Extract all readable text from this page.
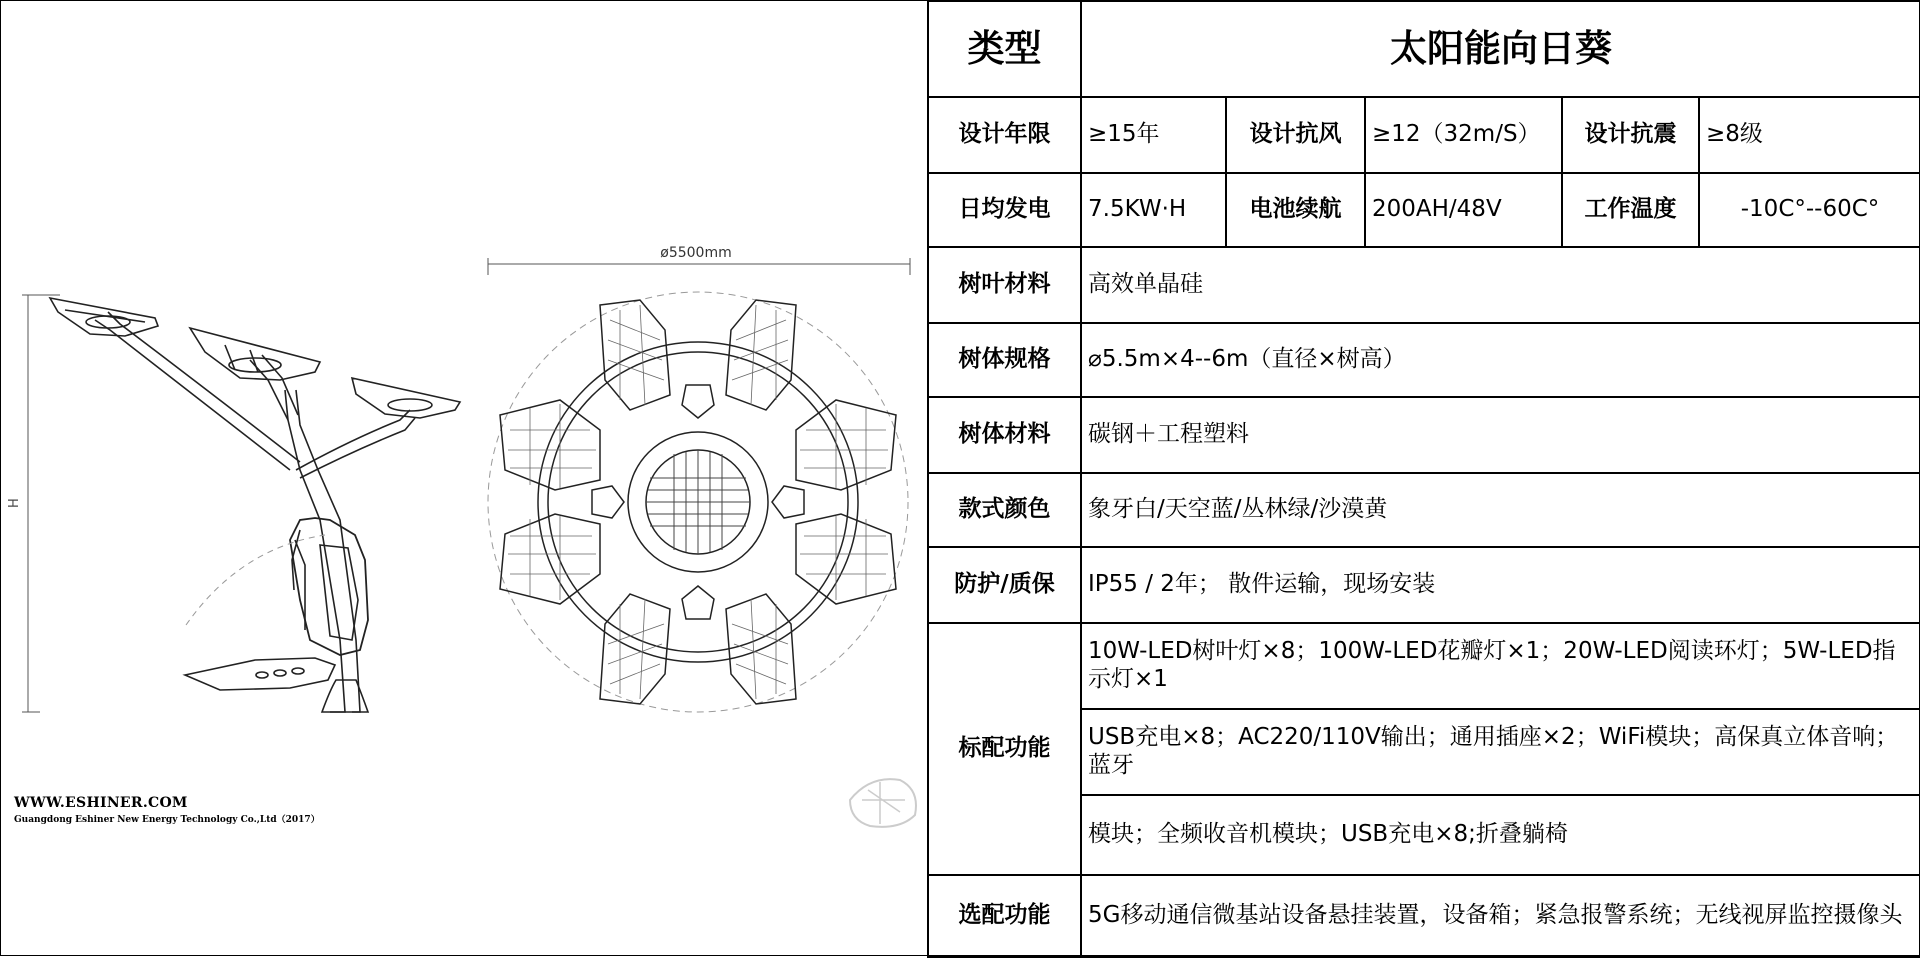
H
ø5500mm
WWW.ESHINER.COM
Guangdong Eshiner New Energy Technology Co.,Ltd（2017）
类型	太阳能向日葵				
设计年限	≥15年	设计抗风	≥12（32m/S）	设计抗震	≥8级
日均发电	7.5KW·H	电池续航	200AH/48V	工作温度	-10C°--60C°
树叶材料	高效单晶硅				
树体规格	⌀5.5m×4--6m（直径×树高）				
树体材料	碳钢＋工程塑料				
款式颜色	象牙白/天空蓝/丛林绿/沙漠黄				
防护/质保	IP55 / 2年； 散件运输，现场安装				
标配功能	10W-LED树叶灯×8；100W-LED花瓣灯×1；20W-LED阅读环灯；5W-LED指示灯×1				
	USB充电×8；AC220/110V输出；通用插座×2；WiFi模块；高保真立体音响；蓝牙				
	模块；全频收音机模块；USB充电×8;折叠躺椅				
选配功能	5G移动通信微基站设备悬挂装置，设备箱；紧急报警系统；无线视屏监控摄像头				
